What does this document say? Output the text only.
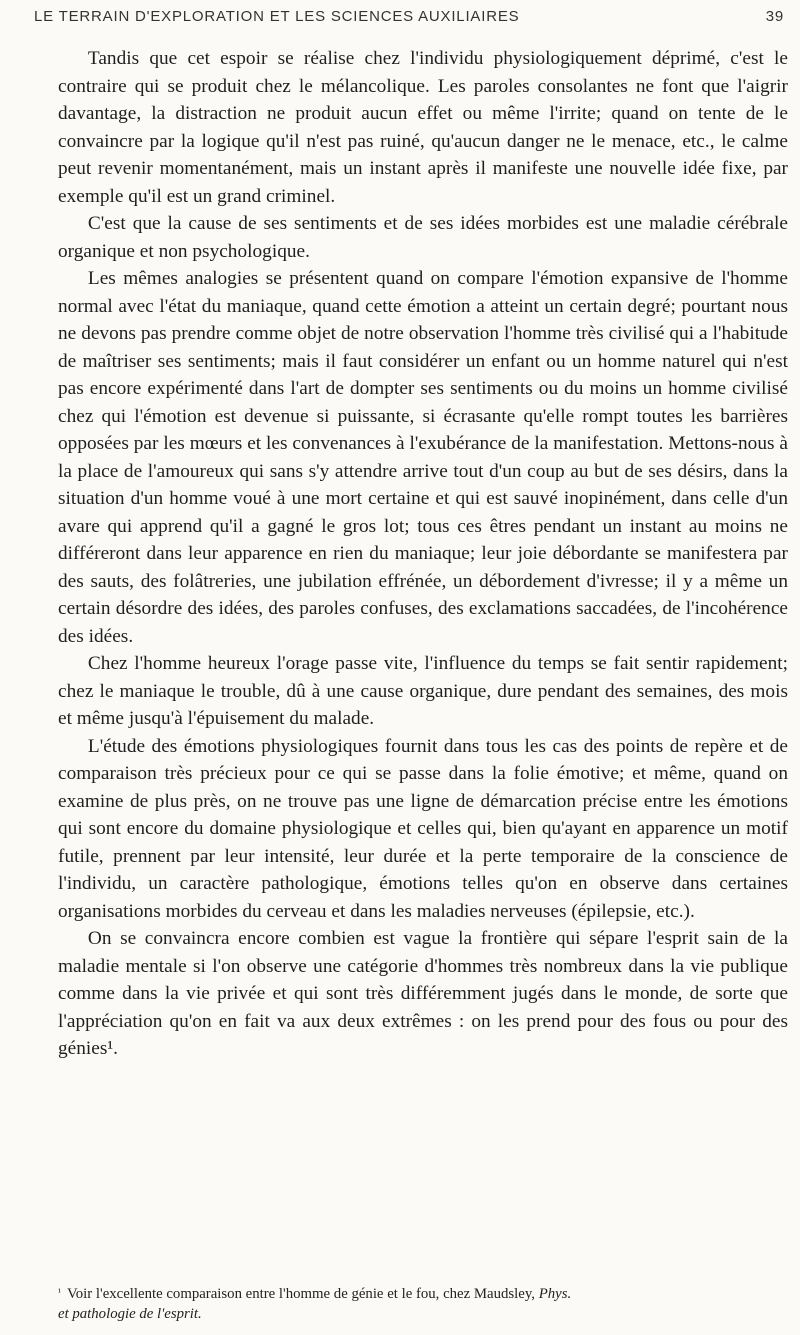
LE TERRAIN D'EXPLORATION ET LES SCIENCES AUXILIAIRES	39

Tandis que cet espoir se réalise chez l'individu physiologiquement déprimé, c'est le contraire qui se produit chez le mélancolique. Les paroles consolantes ne font que l'aigrir davantage, la distraction ne produit aucun effet ou même l'irrite; quand on tente de le convaincre par la logique qu'il n'est pas ruiné, qu'aucun danger ne le menace, etc., le calme peut revenir momentanément, mais un instant après il manifeste une nouvelle idée fixe, par exemple qu'il est un grand criminel.

C'est que la cause de ses sentiments et de ses idées morbides est une maladie cérébrale organique et non psychologique.

Les mêmes analogies se présentent quand on compare l'émotion expansive de l'homme normal avec l'état du maniaque, quand cette émotion a atteint un certain degré; pourtant nous ne devons pas prendre comme objet de notre observation l'homme très civilisé qui a l'habitude de maîtriser ses sentiments; mais il faut considérer un enfant ou un homme naturel qui n'est pas encore expérimenté dans l'art de dompter ses sentiments ou du moins un homme civilisé chez qui l'émotion est devenue si puissante, si écrasante qu'elle rompt toutes les barrières opposées par les mœurs et les convenances à l'exubérance de la manifestation. Mettons-nous à la place de l'amoureux qui sans s'y attendre arrive tout d'un coup au but de ses désirs, dans la situation d'un homme voué à une mort certaine et qui est sauvé inopinément, dans celle d'un avare qui apprend qu'il a gagné le gros lot; tous ces êtres pendant un instant au moins ne différeront dans leur apparence en rien du maniaque; leur joie débordante se manifestera par des sauts, des folâtreries, une jubilation effrénée, un débordement d'ivresse; il y a même un certain désordre des idées, des paroles confuses, des exclamations saccadées, de l'incohérence des idées.

Chez l'homme heureux l'orage passe vite, l'influence du temps se fait sentir rapidement; chez le maniaque le trouble, dû à une cause organique, dure pendant des semaines, des mois et même jusqu'à l'épuisement du malade.

L'étude des émotions physiologiques fournit dans tous les cas des points de repère et de comparaison très précieux pour ce qui se passe dans la folie émotive; et même, quand on examine de plus près, on ne trouve pas une ligne de démarcation précise entre les émotions qui sont encore du domaine physiologique et celles qui, bien qu'ayant en apparence un motif futile, prennent par leur intensité, leur durée et la perte temporaire de la conscience de l'individu, un caractère pathologique, émotions telles qu'on en observe dans certaines organisations morbides du cerveau et dans les maladies nerveuses (épilepsie, etc.).

On se convaincra encore combien est vague la frontière qui sépare l'esprit sain de la maladie mentale si l'on observe une catégorie d'hommes très nombreux dans la vie publique comme dans la vie privée et qui sont très différemment jugés dans le monde, de sorte que l'appréciation qu'on en fait va aux deux extrêmes : on les prend pour des fous ou pour des génies¹.

$^{^1}$ Voir l'excellente comparaison entre l'homme de génie et le fou, chez Maudsley, Phys.

et pathologie de l'esprit.
